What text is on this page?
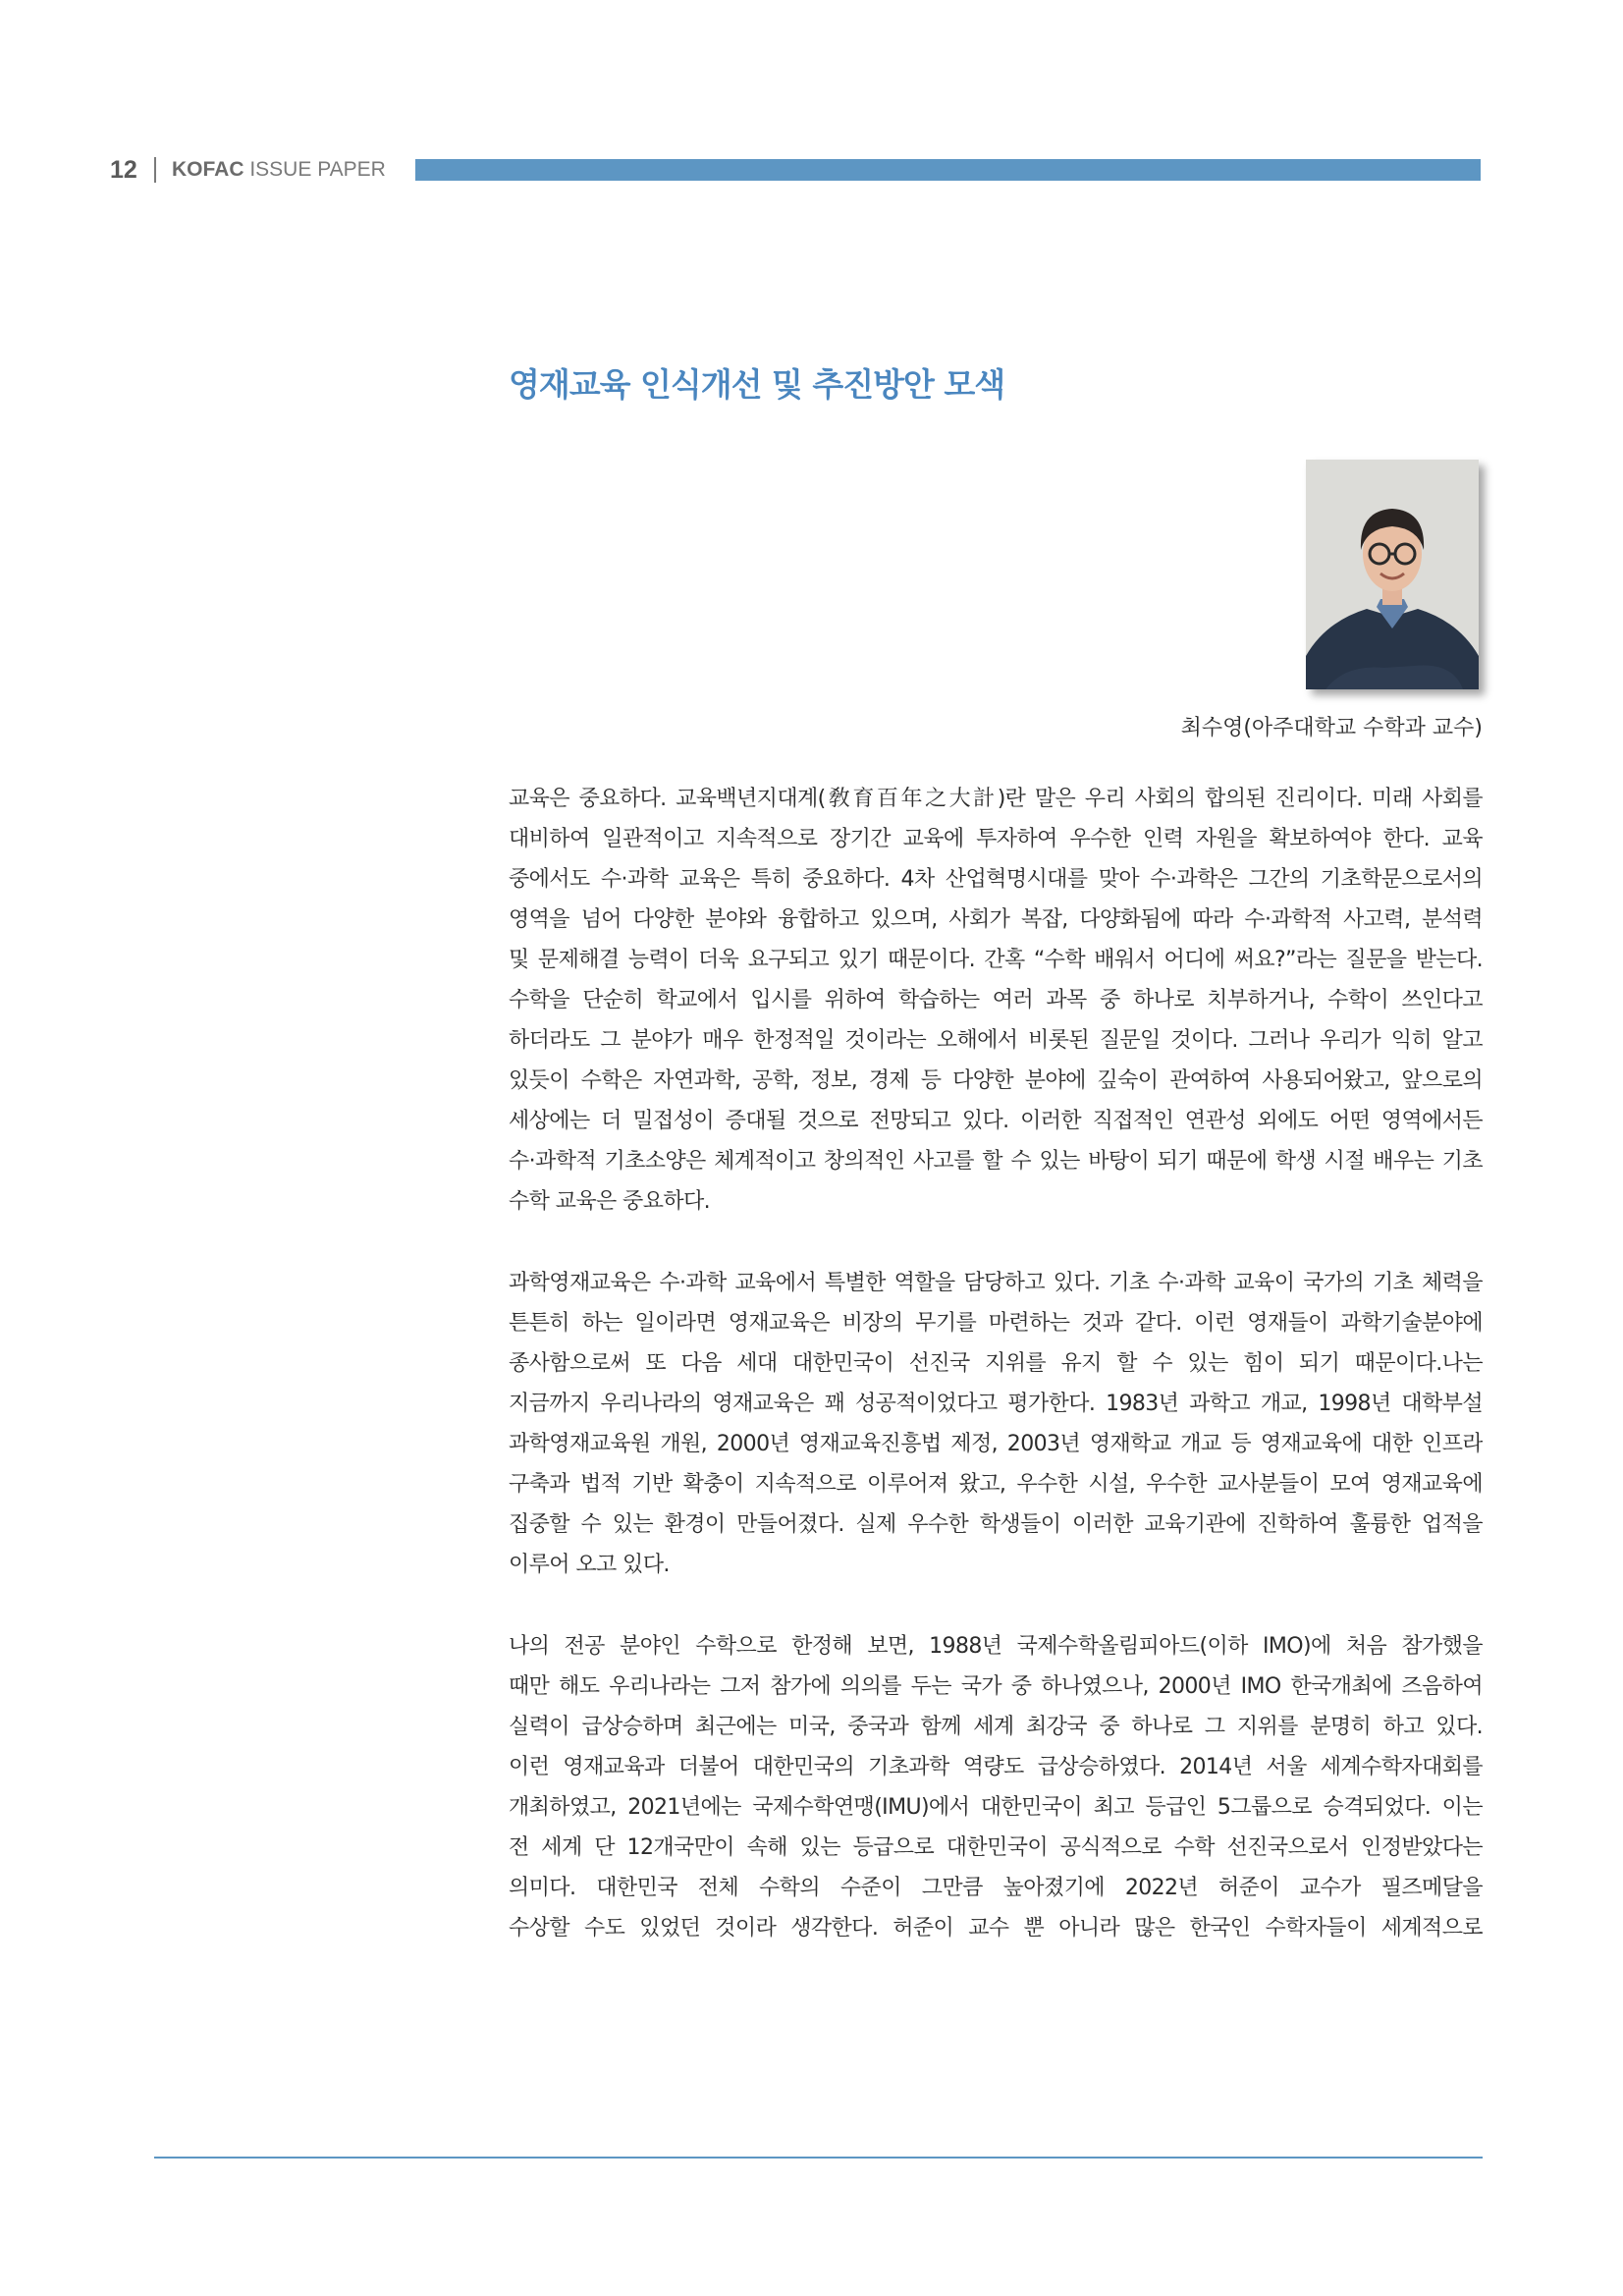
12 KOFAC ISSUE PAPER
영재교육 인식개선 및 추진방안 모색
최수영(아주대학교 수학과 교수)
교육은 중요하다. 교육백년지대계(敎育百年之大計)란 말은 우리 사회의 합의된 진리이다. 미래 사회를
대비하여 일관적이고 지속적으로 장기간 교육에 투자하여 우수한 인력 자원을 확보하여야 한다. 교육
중에서도 수·과학 교육은 특히 중요하다. 4차 산업혁명시대를 맞아 수·과학은 그간의 기초학문으로서의
영역을 넘어 다양한 분야와 융합하고 있으며, 사회가 복잡, 다양화됨에 따라 수·과학적 사고력, 분석력
및 문제해결 능력이 더욱 요구되고 있기 때문이다. 간혹 “수학 배워서 어디에 써요?”라는 질문을 받는다.
수학을 단순히 학교에서 입시를 위하여 학습하는 여러 과목 중 하나로 치부하거나, 수학이 쓰인다고
하더라도 그 분야가 매우 한정적일 것이라는 오해에서 비롯된 질문일 것이다. 그러나 우리가 익히 알고
있듯이 수학은 자연과학, 공학, 정보, 경제 등 다양한 분야에 깊숙이 관여하여 사용되어왔고, 앞으로의
세상에는 더 밀접성이 증대될 것으로 전망되고 있다. 이러한 직접적인 연관성 외에도 어떤 영역에서든
수·과학적 기초소양은 체계적이고 창의적인 사고를 할 수 있는 바탕이 되기 때문에 학생 시절 배우는 기초
수학 교육은 중요하다.
과학영재교육은 수·과학 교육에서 특별한 역할을 담당하고 있다. 기초 수·과학 교육이 국가의 기초 체력을
튼튼히 하는 일이라면 영재교육은 비장의 무기를 마련하는 것과 같다. 이런 영재들이 과학기술분야에
종사함으로써 또 다음 세대 대한민국이 선진국 지위를 유지 할 수 있는 힘이 되기 때문이다.나는
지금까지 우리나라의 영재교육은 꽤 성공적이었다고 평가한다. 1983년 과학고 개교, 1998년 대학부설
과학영재교육원 개원, 2000년 영재교육진흥법 제정, 2003년 영재학교 개교 등 영재교육에 대한 인프라
구축과 법적 기반 확충이 지속적으로 이루어져 왔고, 우수한 시설, 우수한 교사분들이 모여 영재교육에
집중할 수 있는 환경이 만들어졌다. 실제 우수한 학생들이 이러한 교육기관에 진학하여 훌륭한 업적을
이루어 오고 있다.
나의 전공 분야인 수학으로 한정해 보면, 1988년 국제수학올림피아드(이하 IMO)에 처음 참가했을
때만 해도 우리나라는 그저 참가에 의의를 두는 국가 중 하나였으나, 2000년 IMO 한국개최에 즈음하여
실력이 급상승하며 최근에는 미국, 중국과 함께 세계 최강국 중 하나로 그 지위를 분명히 하고 있다.
이런 영재교육과 더불어 대한민국의 기초과학 역량도 급상승하였다. 2014년 서울 세계수학자대회를
개최하였고, 2021년에는 국제수학연맹(IMU)에서 대한민국이 최고 등급인 5그룹으로 승격되었다. 이는
전 세계 단 12개국만이 속해 있는 등급으로 대한민국이 공식적으로 수학 선진국으로서 인정받았다는
의미다. 대한민국 전체 수학의 수준이 그만큼 높아졌기에 2022년 허준이 교수가 필즈메달을
수상할 수도 있었던 것이라 생각한다. 허준이 교수 뿐 아니라 많은 한국인 수학자들이 세계적으로
